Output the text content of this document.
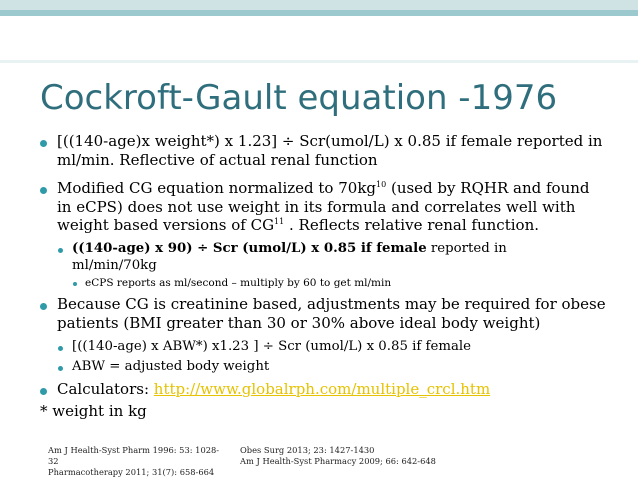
Cockroft-Gault equation -1976
[((140-age)x weight*) x 1.23] ÷ Scr(umol/L) x 0.85 if female reported in
ml/min. Reflective of actual renal function
Modified CG equation normalized to $70kg^{10}$ (used by RQHR and found
in eCPS) does not use weight in its formula and correlates well with
weight based versions of CG$^{11}$ . Reflects relative renal function.
((140-age) x 90) ÷ Scr (umol/L) x 0.85 if female reported in
ml/min/70kg
eCPS reports as ml/second – multiply by 60 to get ml/min
Because CG is creatinine based, adjustments may be required for obese
patients (BMI greater than 30 or 30% above ideal body weight)
[((140-age) x ABW*) x1.23 ] ÷ Scr (umol/L) x 0.85 if female
ABW = adjusted body weight
Calculators: http://www.globalrph.com/multiple_crcl.htm
* weight in kg
Am J Health-Syst Pharm 1996: 53: 1028-32
Pharmacotherapy 2011; 31(7): 658-664
Obes Surg 2013; 23: 1427-1430
Am J Health-Syst Pharmacy 2009; 66: 642-648
